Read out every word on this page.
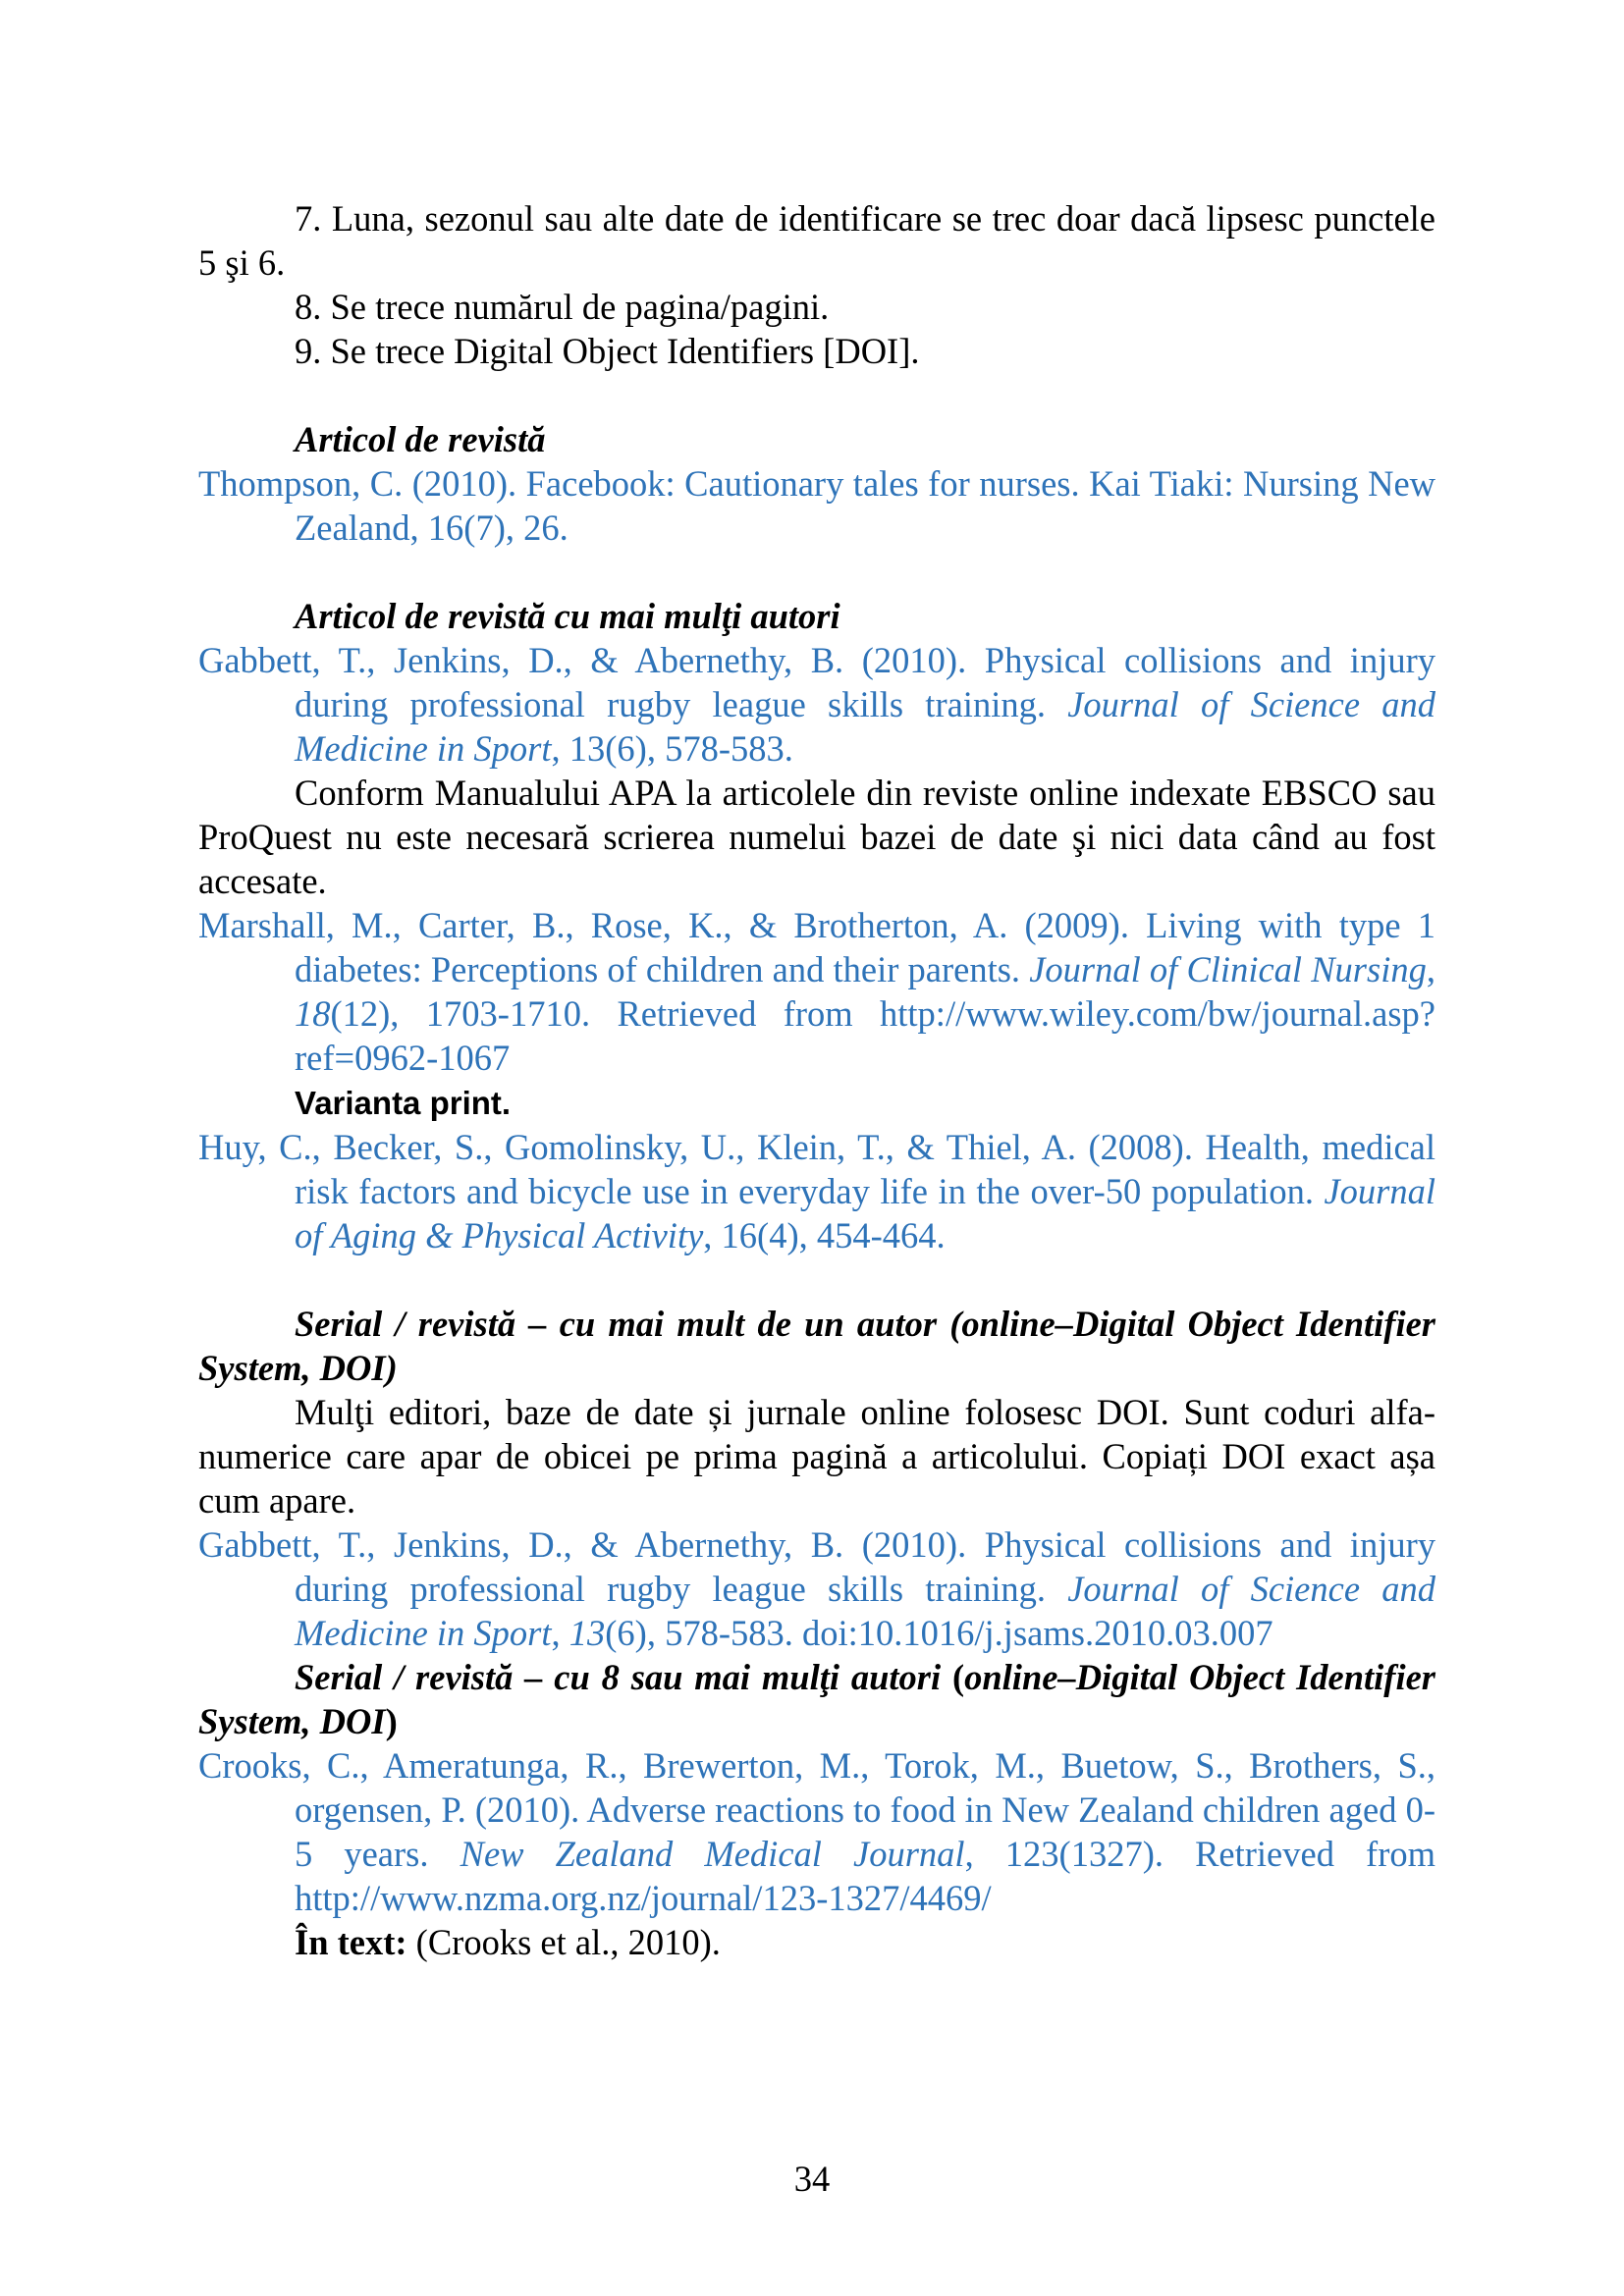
7. Luna, sezonul sau alte date de identificare se trec doar dacă lipsesc punctele 5 şi 6.

8. Se trece numărul de pagina/pagini.

9. Se trece Digital Object Identifiers [DOI].

Articol de revistă

Thompson, C. (2010). Facebook: Cautionary tales for nurses. Kai Tiaki: Nursing New Zealand, 16(7), 26.

Articol de revistă cu mai mulţi autori

Gabbett, T., Jenkins, D., & Abernethy, B. (2010). Physical collisions and injury during professional rugby league skills training. Journal of Science and Medicine in Sport, 13(6), 578-583.

Conform Manualului APA la articolele din reviste online indexate EBSCO sau ProQuest nu este necesară scrierea numelui bazei de date şi nici data când au fost accesate.

Marshall, M., Carter, B., Rose, K., & Brotherton, A. (2009). Living with type 1 diabetes: Perceptions of children and their parents. Journal of Clinical Nursing, 18(12), 1703-1710. Retrieved from http://www.wiley.com/bw/journal.asp?ref=0962-1067

Varianta print.

Huy, C., Becker, S., Gomolinsky, U., Klein, T., & Thiel, A. (2008). Health, medical risk factors and bicycle use in everyday life in the over-50 population. Journal of Aging & Physical Activity, 16(4), 454-464.

Serial / revistă – cu mai mult de un autor (online–Digital Object Identifier System, DOI)

Mulţi editori, baze de date și jurnale online folosesc DOI. Sunt coduri alfa-numerice care apar de obicei pe prima pagină a articolului. Copiați DOI exact așa cum apare.

Gabbett, T., Jenkins, D., & Abernethy, B. (2010). Physical collisions and injury during professional rugby league skills training. Journal of Science and Medicine in Sport, 13(6), 578-583. doi:10.1016/j.jsams.2010.03.007

Serial / revistă – cu 8 sau mai mulţi autori (online–Digital Object Identifier System, DOI)

Crooks, C., Ameratunga, R., Brewerton, M., Torok, M., Buetow, S., Brothers, S., orgensen, P. (2010). Adverse reactions to food in New Zealand children aged 0-5 years. New Zealand Medical Journal, 123(1327). Retrieved from http://www.nzma.org.nz/journal/123-1327/4469/

În text: (Crooks et al., 2010).

34
